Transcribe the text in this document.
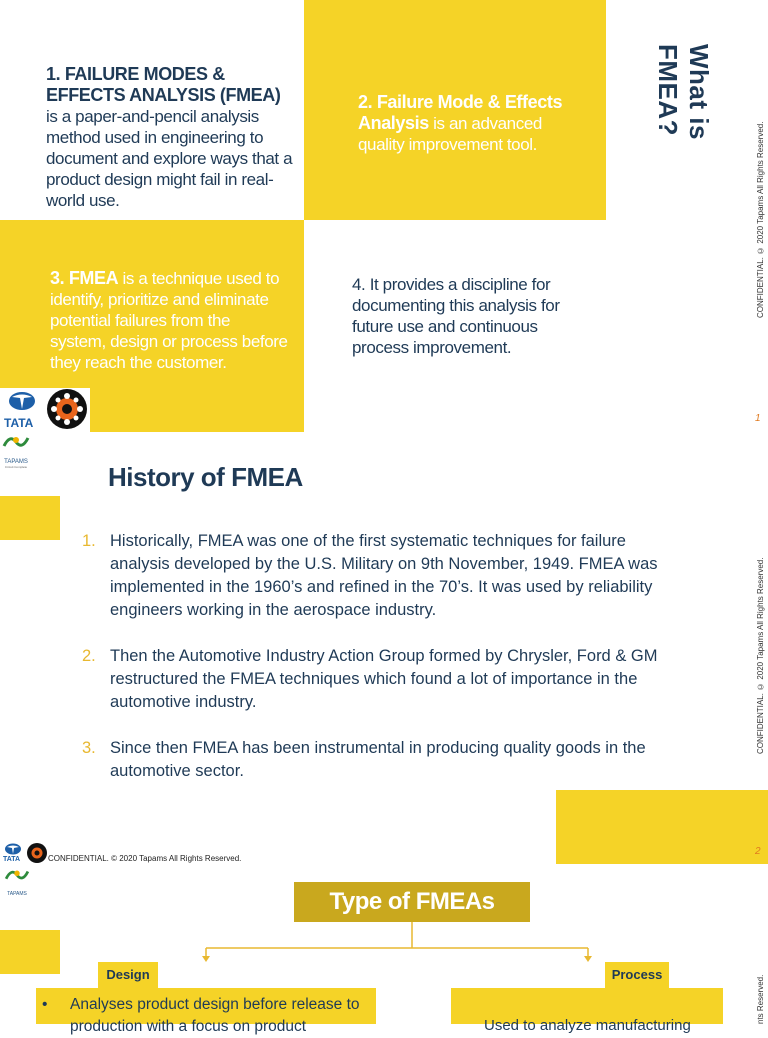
1. FAILURE MODES & EFFECTS ANALYSIS (FMEA) is a paper-and-pencil analysis method used in engineering to document and explore ways that a product design might fail in real-world use.
2. Failure Mode & Effects Analysis is an advanced quality improvement tool.
3. FMEA is a technique used to identify, prioritize and eliminate potential failures from the system, design or process before they reach the customer.
4. It provides a discipline for documenting this analysis for future use and continuous process improvement.
What is FMEA?
CONFIDENTIAL. © 2020 Tapams All Rights Reserved.
1
TATA
TAPAMS
Circuit Complete	History of FMEA
1. Historically, FMEA was one of the first systematic techniques for failure analysis developed by the U.S. Military on 9th November, 1949. FMEA was implemented in the 1960’s and refined in the 70’s. It was used by reliability engineers working in the aerospace industry.
2. Then the Automotive Industry Action Group formed by Chrysler, Ford & GM restructured the FMEA techniques which found a lot of importance in the automotive industry.
3. Since then FMEA has been instrumental in producing quality goods in the automotive sector.
CONFIDENTIAL. © 2020 Tapams All Rights Reserved.
2
TATA
TAPAMS
CONFIDENTIAL. © 2020 Tapams All Rights Reserved.
Type of FMEAs
Design	Process
• Analyses product design before release to
production with a focus on product	Used to analyze manufacturing
nts Reserved.
